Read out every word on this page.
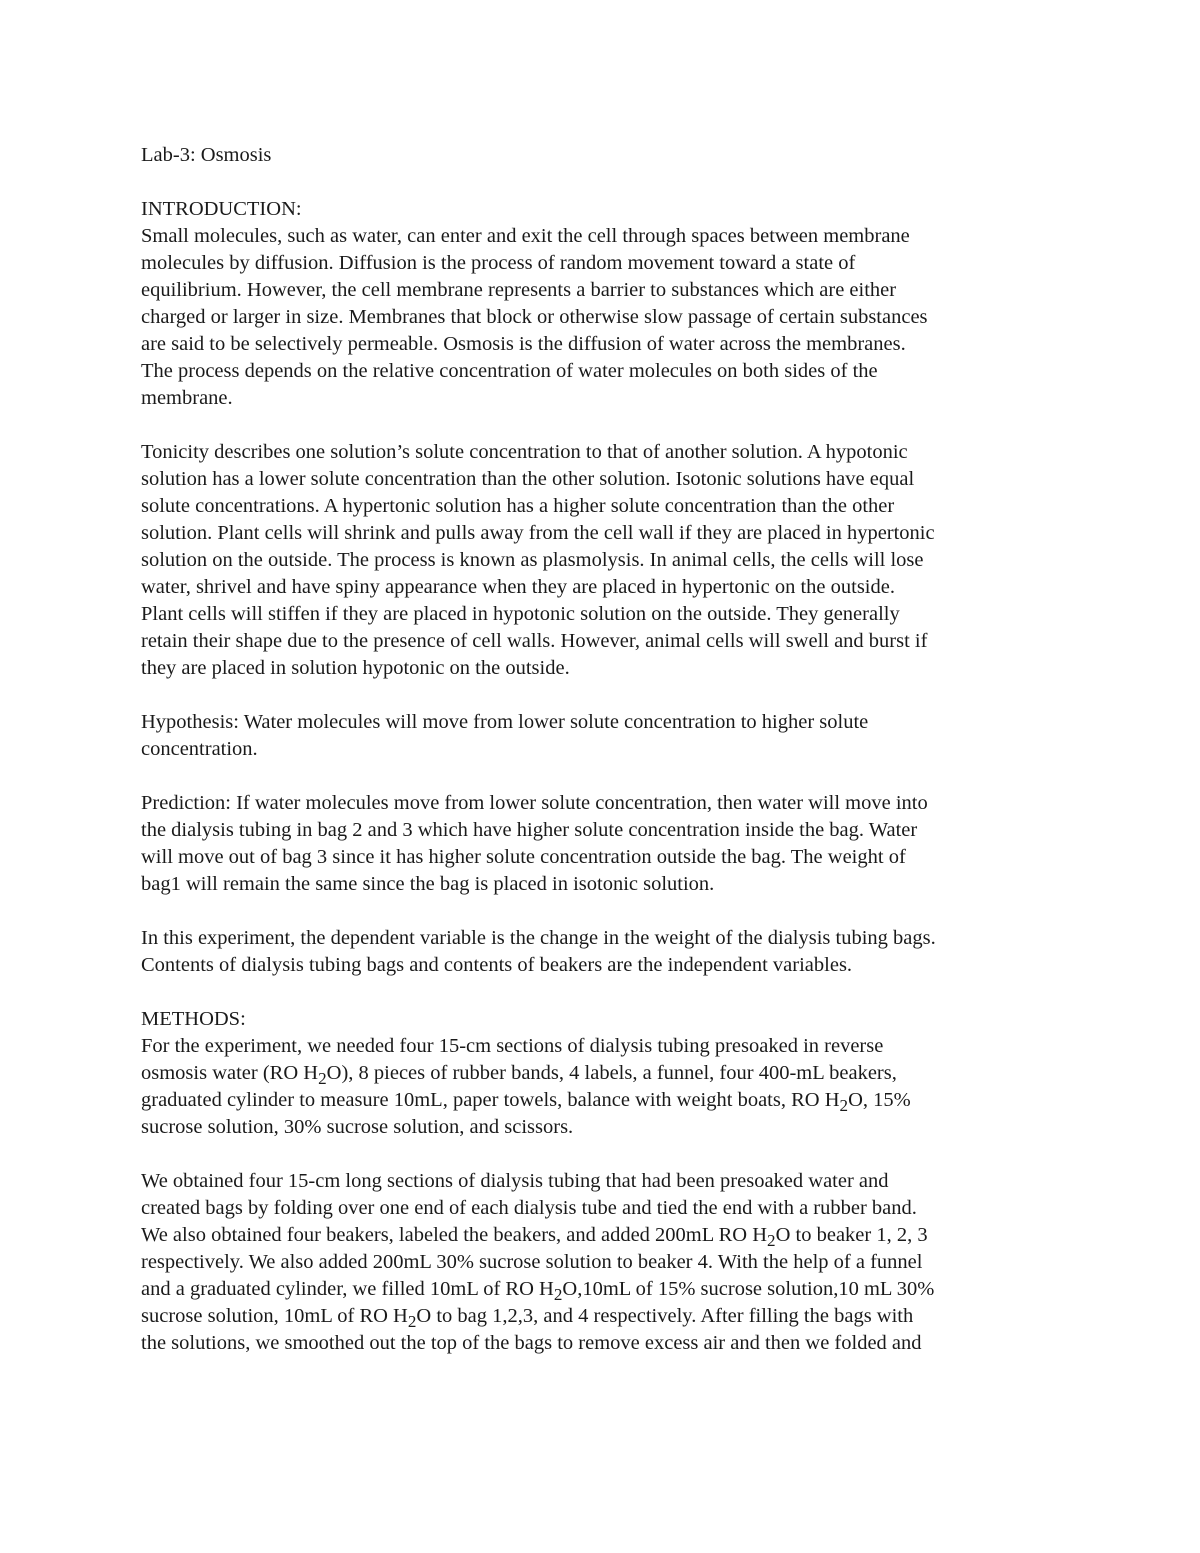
Lab-3: Osmosis
INTRODUCTION:
Small molecules, such as water, can enter and exit the cell through spaces between membrane
molecules by diffusion. Diffusion is the process of random movement toward a state of
equilibrium. However, the cell membrane represents a barrier to substances which are either
charged or larger in size. Membranes that block or otherwise slow passage of certain substances
are said to be selectively permeable. Osmosis is the diffusion of water across the membranes.
The process depends on the relative concentration of water molecules on both sides of the
membrane.
Tonicity describes one solution’s solute concentration to that of another solution. A hypotonic
solution has a lower solute concentration than the other solution. Isotonic solutions have equal
solute concentrations. A hypertonic solution has a higher solute concentration than the other
solution. Plant cells will shrink and pulls away from the cell wall if they are placed in hypertonic
solution on the outside. The process is known as plasmolysis. In animal cells, the cells will lose
water, shrivel and have spiny appearance when they are placed in hypertonic on the outside.
Plant cells will stiffen if they are placed in hypotonic solution on the outside. They generally
retain their shape due to the presence of cell walls. However, animal cells will swell and burst if
they are placed in solution hypotonic on the outside.
Hypothesis: Water molecules will move from lower solute concentration to higher solute
concentration.
Prediction: If water molecules move from lower solute concentration, then water will move into
the dialysis tubing in bag 2 and 3 which have higher solute concentration inside the bag. Water
will move out of bag 3 since it has higher solute concentration outside the bag. The weight of
bag1 will remain the same since the bag is placed in isotonic solution.
In this experiment, the dependent variable is the change in the weight of the dialysis tubing bags.
Contents of dialysis tubing bags and contents of beakers are the independent variables.
METHODS:
For the experiment, we needed four 15-cm sections of dialysis tubing presoaked in reverse
osmosis water (RO $H_2O$), 8 pieces of rubber bands, 4 labels, a funnel, four 400-mL beakers,
graduated cylinder to measure 10mL, paper towels, balance with weight boats, RO $H_2O$, 15%
sucrose solution, 30% sucrose solution, and scissors.
We obtained four 15-cm long sections of dialysis tubing that had been presoaked water and
created bags by folding over one end of each dialysis tube and tied the end with a rubber band.
We also obtained four beakers, labeled the beakers, and added 200mL RO $H_2O$ to beaker 1, 2, 3
respectively. We also added 200mL 30% sucrose solution to beaker 4. With the help of a funnel
and a graduated cylinder, we filled 10mL of RO $H_2O,10mL$ of 15% sucrose solution,10 mL 30%
sucrose solution, 10mL of RO $H_2O$ to bag 1,2,3, and 4 respectively. After filling the bags with
the solutions, we smoothed out the top of the bags to remove excess air and then we folded and
